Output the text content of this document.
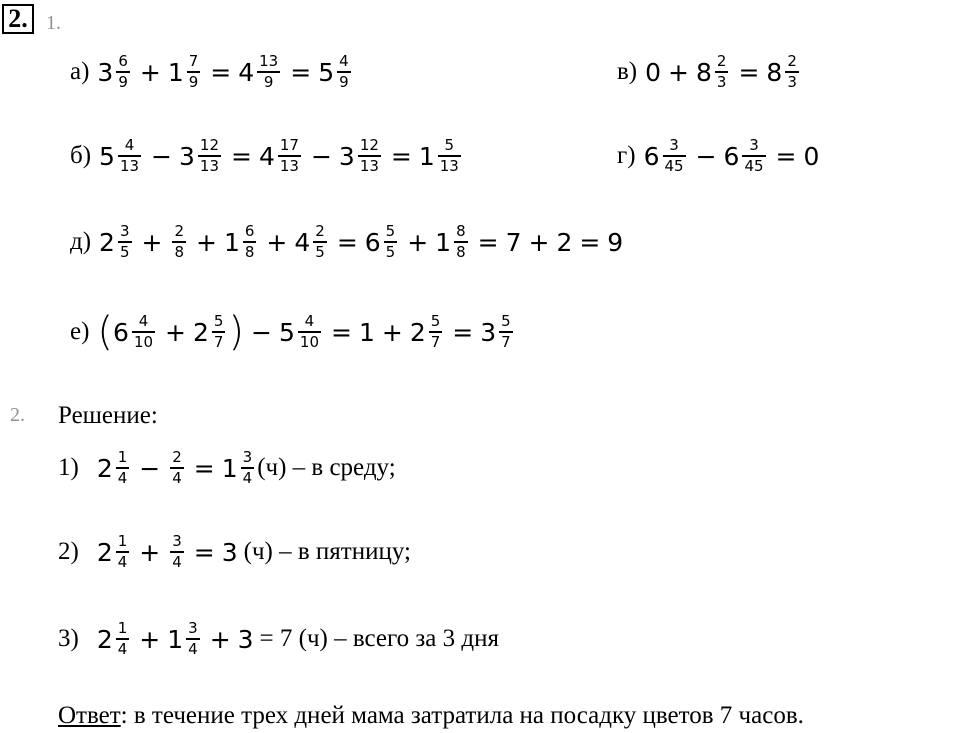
2. 1.
а) $3 \frac{6}{9} + 1 \frac{7}{9} = 4 \frac{13}{9} = 5 \frac{4}{9}$	в) $0 + 8 \frac{2}{3} = 8 \frac{2}{3}$
б) $5 \frac{4}{13} - 3 \frac{12}{13} = 4 \frac{17}{13} - 3 \frac{12}{13} = 1 \frac{5}{13}$	г) $6 \frac{3}{45} - 6 \frac{3}{45} = 0$
д) $2 \frac{3}{5} + \frac{2}{8} + 1 \frac{6}{8} + 4 \frac{2}{5} = 6 \frac{5}{5} + 1 \frac{8}{8} = 7 + 2 = 9$
е) ( $6 \frac{4}{10} + 2 \frac{5}{7}$ ) − $5 \frac{4}{10} = 1 + 2 \frac{5}{7} = 3 \frac{5}{7}$
2. Решение:
1) $2 \frac{1}{4} - \frac{2}{4} = 1 \frac{3}{4} (ч) - в$ среду;
2) $2 \frac{1}{4} + \frac{3}{4} = 3$ (ч) – в пятницу;
3) $2 \frac{1}{4} + 1 \frac{3}{4} + 3 = 7$ (ч) – всего за 3 дня
Ответ: в течение трех дней мама затратила на посадку цветов 7 часов.
